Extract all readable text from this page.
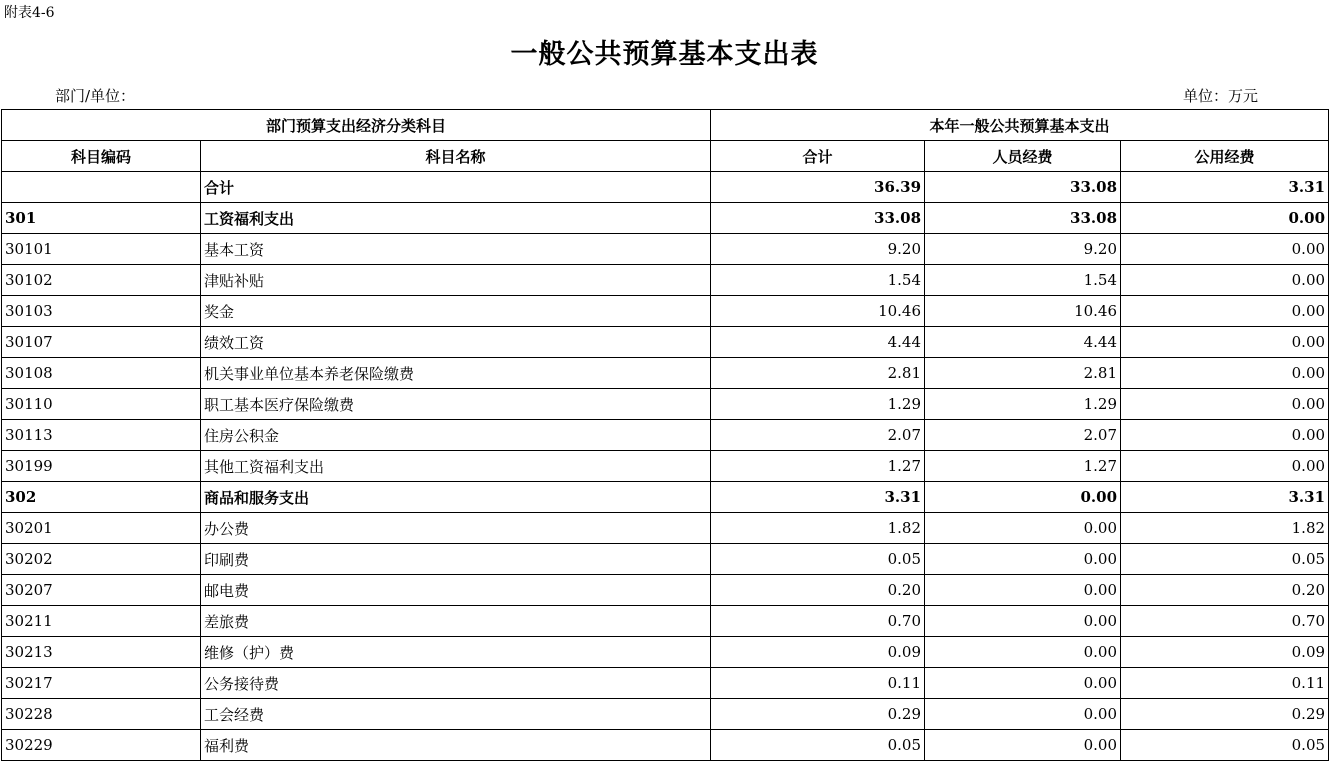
附表4-6
一般公共预算基本支出表
部门/单位：	单位：万元
部门预算支出经济分类科目		本年一般公共预算基本支出		
科目编码	科目名称	合计	人员经费	公用经费
	合计	36.39	33.08	3.31
301	工资福利支出	33.08	33.08	0.00
30101	基本工资	9.20	9.20	0.00
30102	津贴补贴	1.54	1.54	0.00
30103	奖金	10.46	10.46	0.00
30107	绩效工资	4.44	4.44	0.00
30108	机关事业单位基本养老保险缴费	2.81	2.81	0.00
30110	职工基本医疗保险缴费	1.29	1.29	0.00
30113	住房公积金	2.07	2.07	0.00
30199	其他工资福利支出	1.27	1.27	0.00
302	商品和服务支出	3.31	0.00	3.31
30201	办公费	1.82	0.00	1.82
30202	印刷费	0.05	0.00	0.05
30207	邮电费	0.20	0.00	0.20
30211	差旅费	0.70	0.00	0.70
30213	维修（护）费	0.09	0.00	0.09
30217	公务接待费	0.11	0.00	0.11
30228	工会经费	0.29	0.00	0.29
30229	福利费	0.05	0.00	0.05
